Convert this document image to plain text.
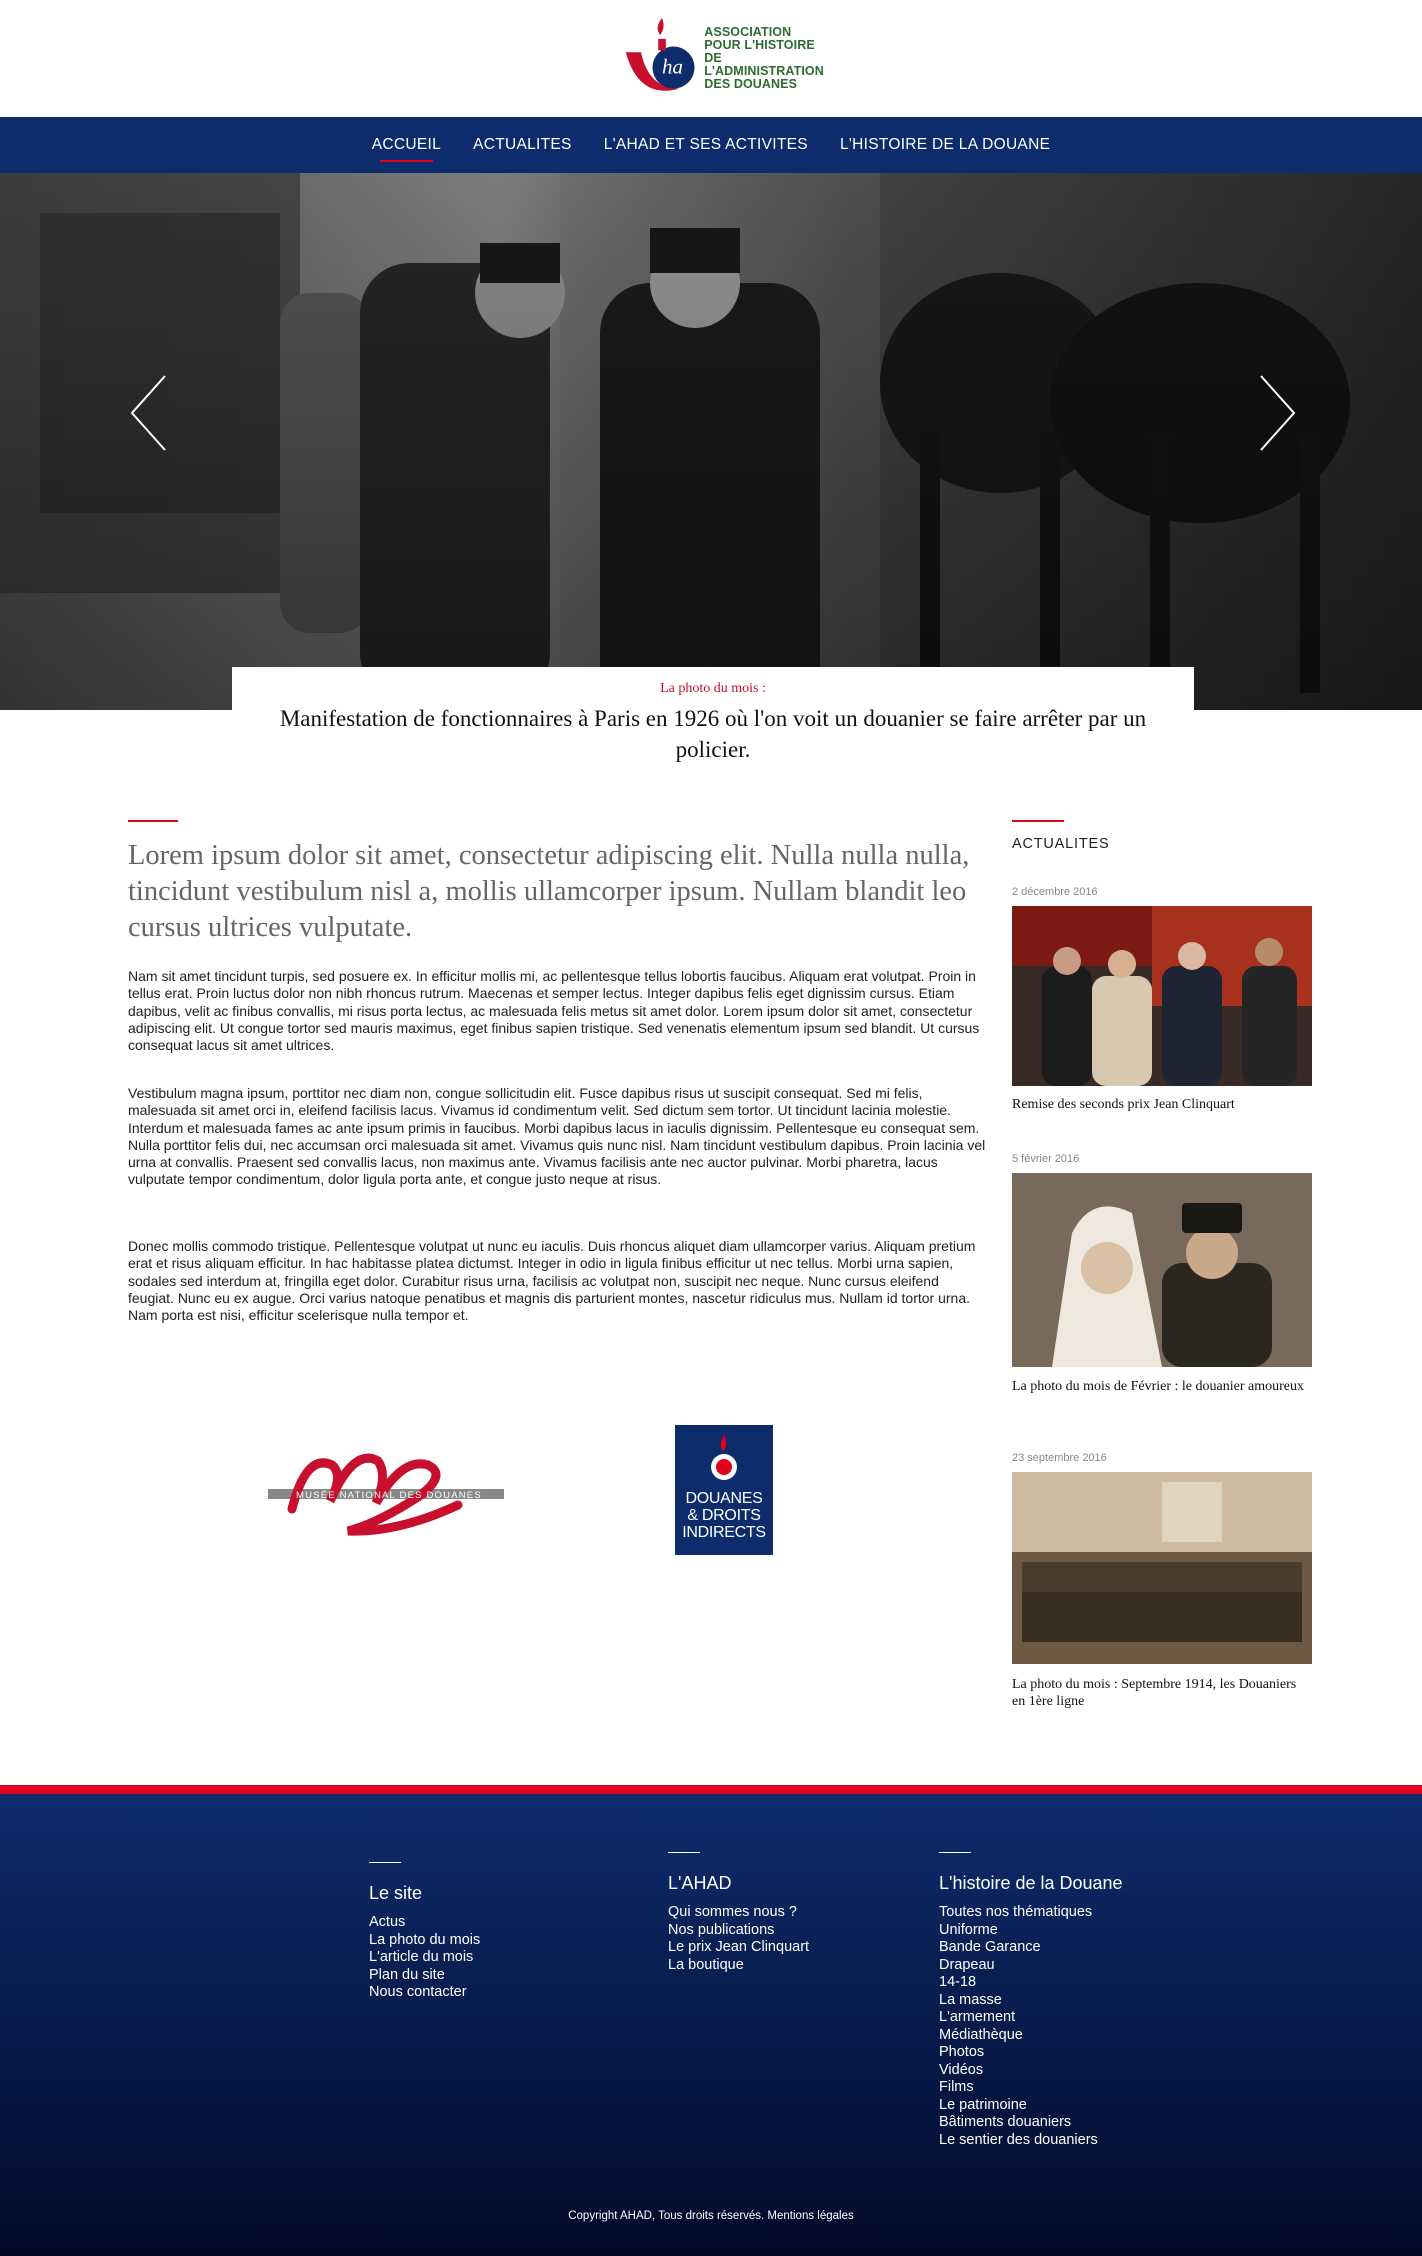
ha
ASSOCIATION
POUR L'HISTOIRE DE
L'ADMINISTRATION
DES DOUANES
ACCUEIL ACTUALITES L'AHAD ET SES ACTIVITES L'HISTOIRE DE LA DOUANE
La photo du mois :
Manifestation de fonctionnaires à Paris en 1926 où l'on voit un douanier se faire arrêter par un policier.
Lorem ipsum dolor sit amet, consectetur adipiscing elit. Nulla nulla nulla, tincidunt vestibulum nisl a, mollis ullamcorper ipsum. Nullam blandit leo cursus ultrices vulputate.
Nam sit amet tincidunt turpis, sed posuere ex. In efficitur mollis mi, ac pellentesque tellus lobortis faucibus. Aliquam erat volutpat. Proin in tellus erat. Proin luctus dolor non nibh rhoncus rutrum. Maecenas et semper lectus. Integer dapibus felis eget dignissim cursus. Etiam dapibus, velit ac finibus convallis, mi risus porta lectus, ac malesuada felis metus sit amet dolor. Lorem ipsum dolor sit amet, consectetur adipiscing elit. Ut congue tortor sed mauris maximus, eget finibus sapien tristique. Sed venenatis elementum ipsum sed blandit. Ut cursus consequat lacus sit amet ultrices.
Vestibulum magna ipsum, porttitor nec diam non, congue sollicitudin elit. Fusce dapibus risus ut suscipit consequat. Sed mi felis, malesuada sit amet orci in, eleifend facilisis lacus. Vivamus id condimentum velit. Sed dictum sem tortor. Ut tincidunt lacinia molestie. Interdum et malesuada fames ac ante ipsum primis in faucibus. Morbi dapibus lacus in iaculis dignissim. Pellentesque eu consequat sem. Nulla porttitor felis dui, nec accumsan orci malesuada sit amet. Vivamus quis nunc nisl. Nam tincidunt vestibulum dapibus. Proin lacinia vel urna at convallis. Praesent sed convallis lacus, non maximus ante. Vivamus facilisis ante nec auctor pulvinar. Morbi pharetra, lacus vulputate tempor condimentum, dolor ligula porta ante, et congue justo neque at risus.
Donec mollis commodo tristique. Pellentesque volutpat ut nunc eu iaculis. Duis rhoncus aliquet diam ullamcorper varius. Aliquam pretium erat et risus aliquam efficitur. In hac habitasse platea dictumst. Integer in odio in ligula finibus efficitur ut nec tellus. Morbi urna sapien, sodales sed interdum at, fringilla eget dolor. Curabitur risus urna, facilisis ac volutpat non, suscipit nec neque. Nunc cursus eleifend feugiat. Nunc eu ex augue. Orci varius natoque penatibus et magnis dis parturient montes, nascetur ridiculus mus. Nullam id tortor urna. Nam porta est nisi, efficitur scelerisque nulla tempor et.
MUSÉE NATIONAL DES DOUANES	DOUANES
& DROITS
INDIRECTS
ACTUALITES
2 décembre 2016
Remise des seconds prix Jean Clinquart
5 février 2016
La photo du mois de Février : le douanier amoureux
23 septembre 2016
La photo du mois : Septembre 1914, les Douaniers en 1ère ligne
Le site
Actus
La photo du mois
L'article du mois
Plan du site
Nous contacter
L'AHAD
Qui sommes nous ?
Nos publications
Le prix Jean Clinquart
La boutique
L'histoire de la Douane
Toutes nos thématiques
Uniforme
Bande Garance
Drapeau
14-18
La masse
L'armement
Médiathèque
Photos
Vidéos
Films
Le patrimoine
Bâtiments douaniers
Le sentier des douaniers
Copyright AHAD, Tous droits réservés. Mentions légales
